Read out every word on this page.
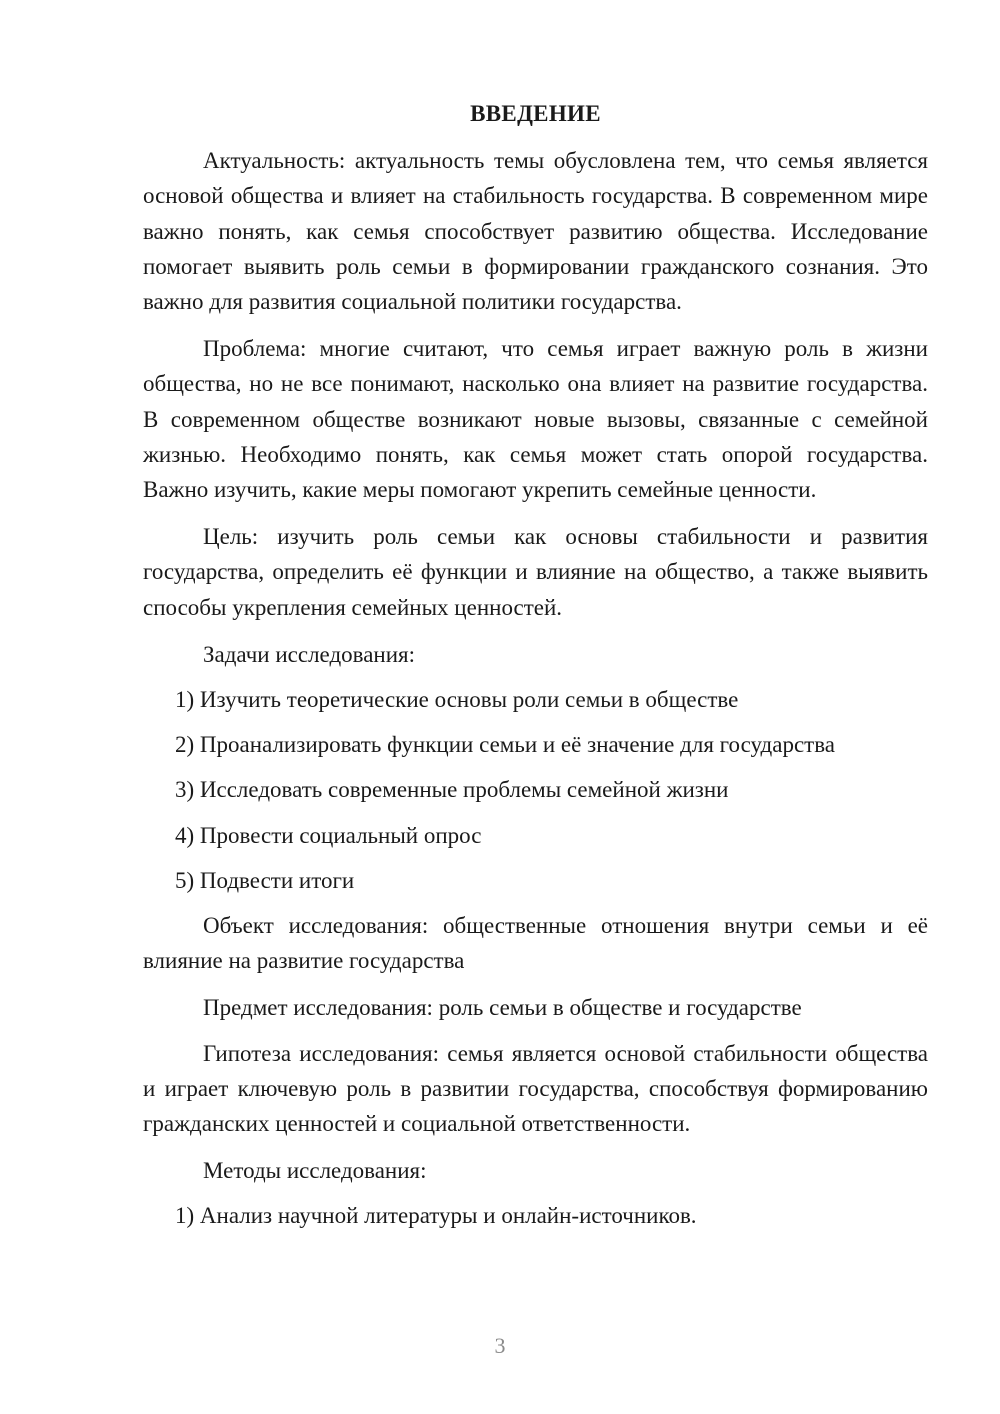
ВВЕДЕНИЕ

Актуальность: актуальность темы обусловлена тем, что семья является основой общества и влияет на стабильность государства. В современном мире важно понять, как семья способствует развитию общества. Исследование помогает выявить роль семьи в формировании гражданского сознания. Это важно для развития социальной политики государства.

Проблема: многие считают, что семья играет важную роль в жизни общества, но не все понимают, насколько она влияет на развитие государства. В современном обществе возникают новые вызовы, связанные с семейной жизнью. Необходимо понять, как семья может стать опорой государства. Важно изучить, какие меры помогают укрепить семейные ценности.

Цель: изучить роль семьи как основы стабильности и развития государства, определить её функции и влияние на общество, а также выявить способы укрепления семейных ценностей.

Задачи исследования:

1) Изучить теоретические основы роли семьи в обществе
2) Проанализировать функции семьи и её значение для государства
3) Исследовать современные проблемы семейной жизни
4) Провести социальный опрос
5) Подвести итоги

Объект исследования: общественные отношения внутри семьи и её влияние на развитие государства

Предмет исследования: роль семьи в обществе и государстве

Гипотеза исследования: семья является основой стабильности общества и играет ключевую роль в развитии государства, способствуя формированию гражданских ценностей и социальной ответственности.

Методы исследования:

1) Анализ научной литературы и онлайн-источников.
3
